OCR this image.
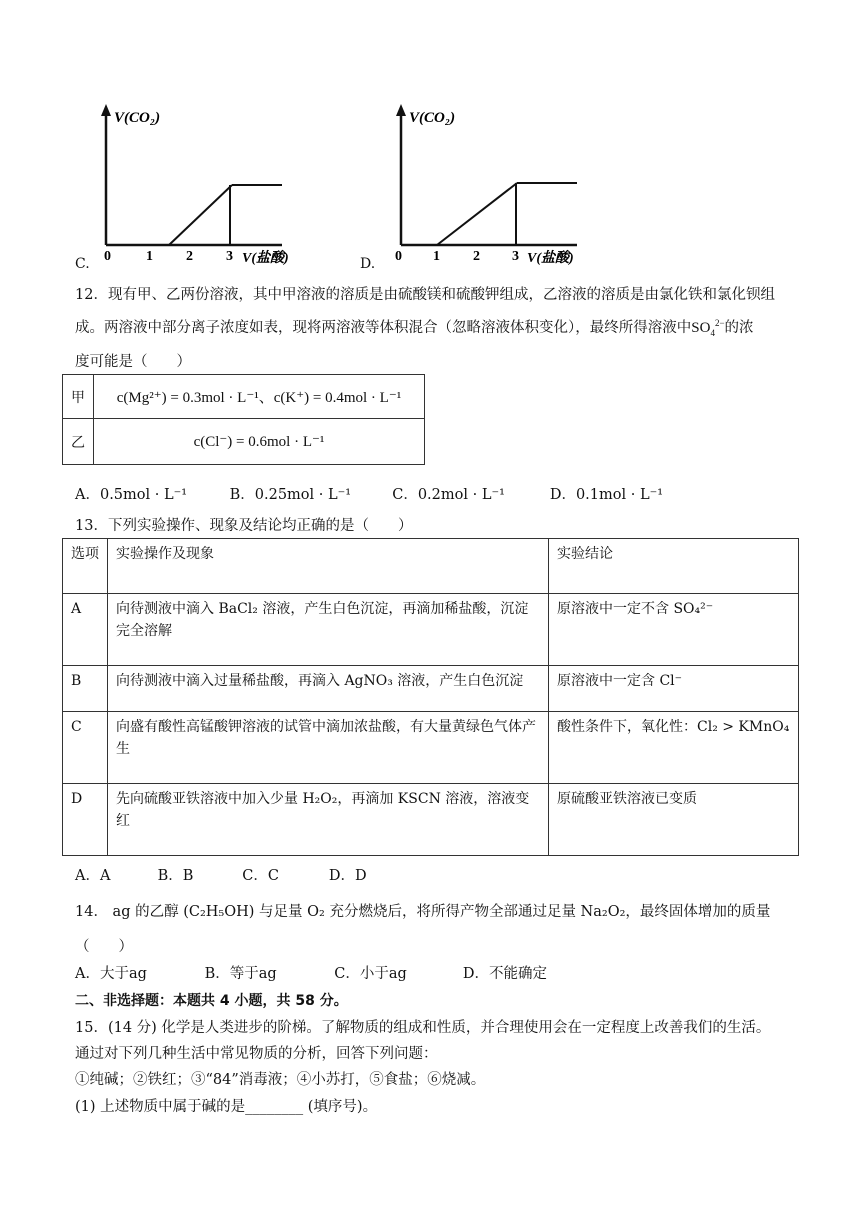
V(CO₂)
0	1 2 3 V(盐酸)
C.
V(CO₂)
0 1 2 3 V(盐酸)
D.
12．现有甲、乙两份溶液，其中甲溶液的溶质是由硫酸镁和硫酸钾组成，乙溶液的溶质是由氯化铁和氯化钡组
成。两溶液中部分离子浓度如表，现将两溶液等体积混合（忽略溶液体积变化），最终所得溶液中$SO_4^{2-}$的浓
度可能是（　　）
甲	c(Mg²⁺) = 0.3mol · L⁻¹、c(K⁺) = 0.4mol · L⁻¹
乙	c(Cl⁻) = 0.6mol · L⁻¹
A．0.5mol · L⁻¹	B．0.25mol · L⁻¹	C．0.2mol · L⁻¹	D．0.1mol · L⁻¹
13．下列实验操作、现象及结论均正确的是（　　）
选项	实验操作及现象	实验结论
A	向待测液中滴入 BaCl₂ 溶液，产生白色沉淀，再滴加稀盐酸，沉淀完全溶解	原溶液中一定不含 SO₄²⁻
B	向待测液中滴入过量稀盐酸，再滴入 AgNO₃ 溶液，产生白色沉淀	原溶液中一定含 Cl⁻
C	向盛有酸性高锰酸钾溶液的试管中滴加浓盐酸，有大量黄绿色气体产生	酸性条件下，氧化性：Cl₂ > KMnO₄
D	先向硫酸亚铁溶液中加入少量 H₂O₂，再滴加 KSCN 溶液，溶液变红	原硫酸亚铁溶液已变质
A．A	B．B	C．C	D．D
14． ag 的乙醇 (C₂H₅OH) 与足量 O₂ 充分燃烧后，将所得产物全部通过足量 Na₂O₂，最终固体增加的质量
（　　）
A．大于ag	B．等于ag	C．小于ag	D．不能确定
二、非选择题：本题共 4 小题，共 58 分。
15．(14 分) 化学是人类进步的阶梯。了解物质的组成和性质，并合理使用会在一定程度上改善我们的生活。
通过对下列几种生活中常见物质的分析，回答下列问题：
①纯碱；②铁红；③“84”消毒液；④小苏打，⑤食盐；⑥烧减。
(1) 上述物质中属于碱的是________ (填序号)。
